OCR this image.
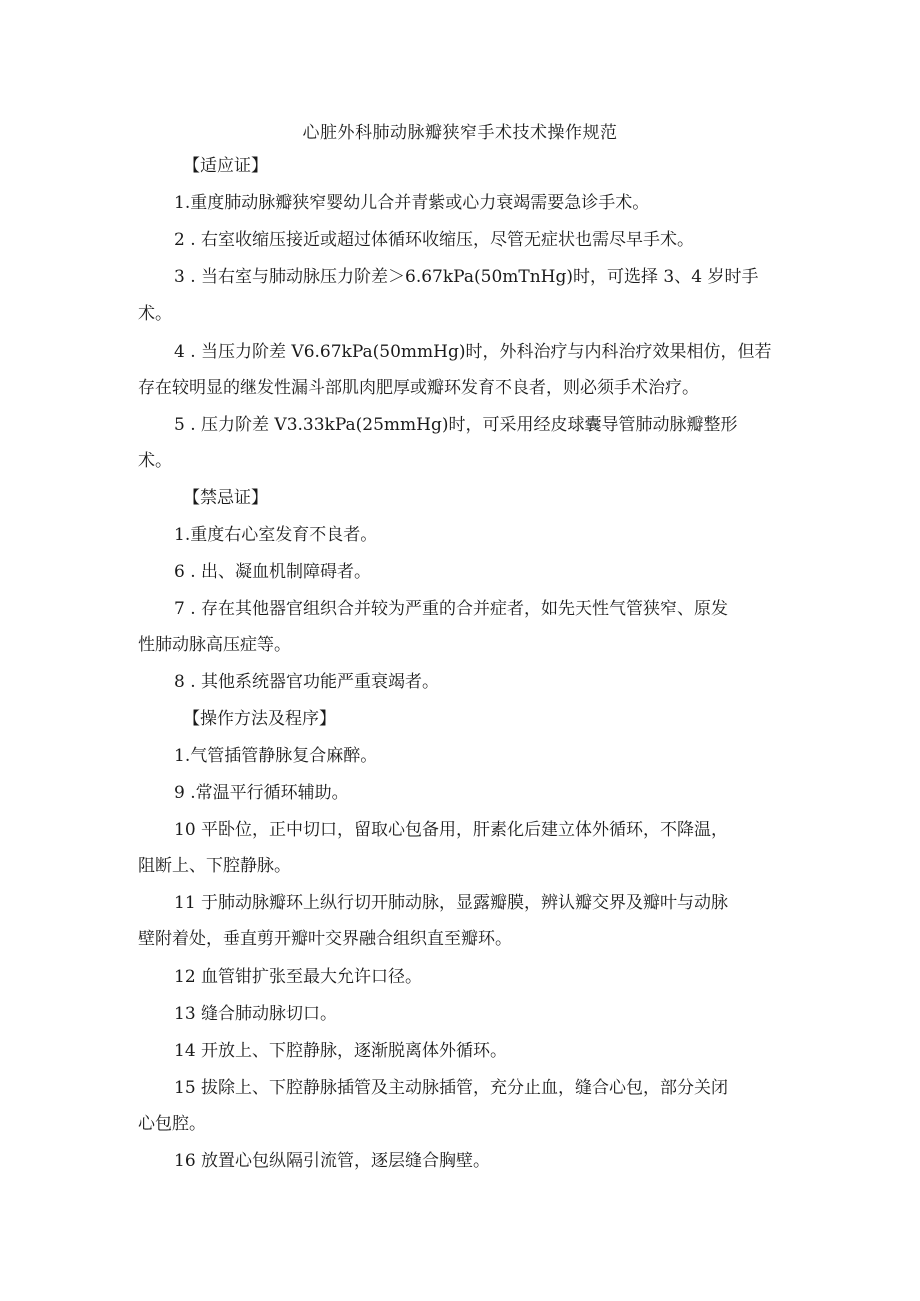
心脏外科肺动脉瓣狭窄手术技术操作规范
【适应证】
1.重度肺动脉瓣狭窄婴幼儿合并青紫或心力衰竭需要急诊手术。
2 . 右室收缩压接近或超过体循环收缩压，尽管无症状也需尽早手术。
3 . 当右室与肺动脉压力阶差＞6.67kPa(50mTnHg)时，可选择 3、4 岁时手
术。
4 . 当压力阶差 V6.67kPa(50mmHg)时，外科治疗与内科治疗效果相仿，但若
存在较明显的继发性漏斗部肌肉肥厚或瓣环发育不良者，则必须手术治疗。
5 . 压力阶差 V3.33kPa(25mmHg)时，可采用经皮球囊导管肺动脉瓣整形
术。
【禁忌证】
1.重度右心室发育不良者。
6 . 出、凝血机制障碍者。
7 . 存在其他器官组织合并较为严重的合并症者，如先天性气管狭窄、原发
性肺动脉高压症等。
8 . 其他系统器官功能严重衰竭者。
【操作方法及程序】
1.气管插管静脉复合麻醉。
9 .常温平行循环辅助。
10 平卧位，正中切口，留取心包备用，肝素化后建立体外循环，不降温，
阻断上、下腔静脉。
11 于肺动脉瓣环上纵行切开肺动脉，显露瓣膜，辨认瓣交界及瓣叶与动脉
壁附着处，垂直剪开瓣叶交界融合组织直至瓣环。
12 血管钳扩张至最大允许口径。
13 缝合肺动脉切口。
14 开放上、下腔静脉，逐渐脱离体外循环。
15 拔除上、下腔静脉插管及主动脉插管，充分止血，缝合心包，部分关闭
心包腔。
16 放置心包纵隔引流管，逐层缝合胸壁。
